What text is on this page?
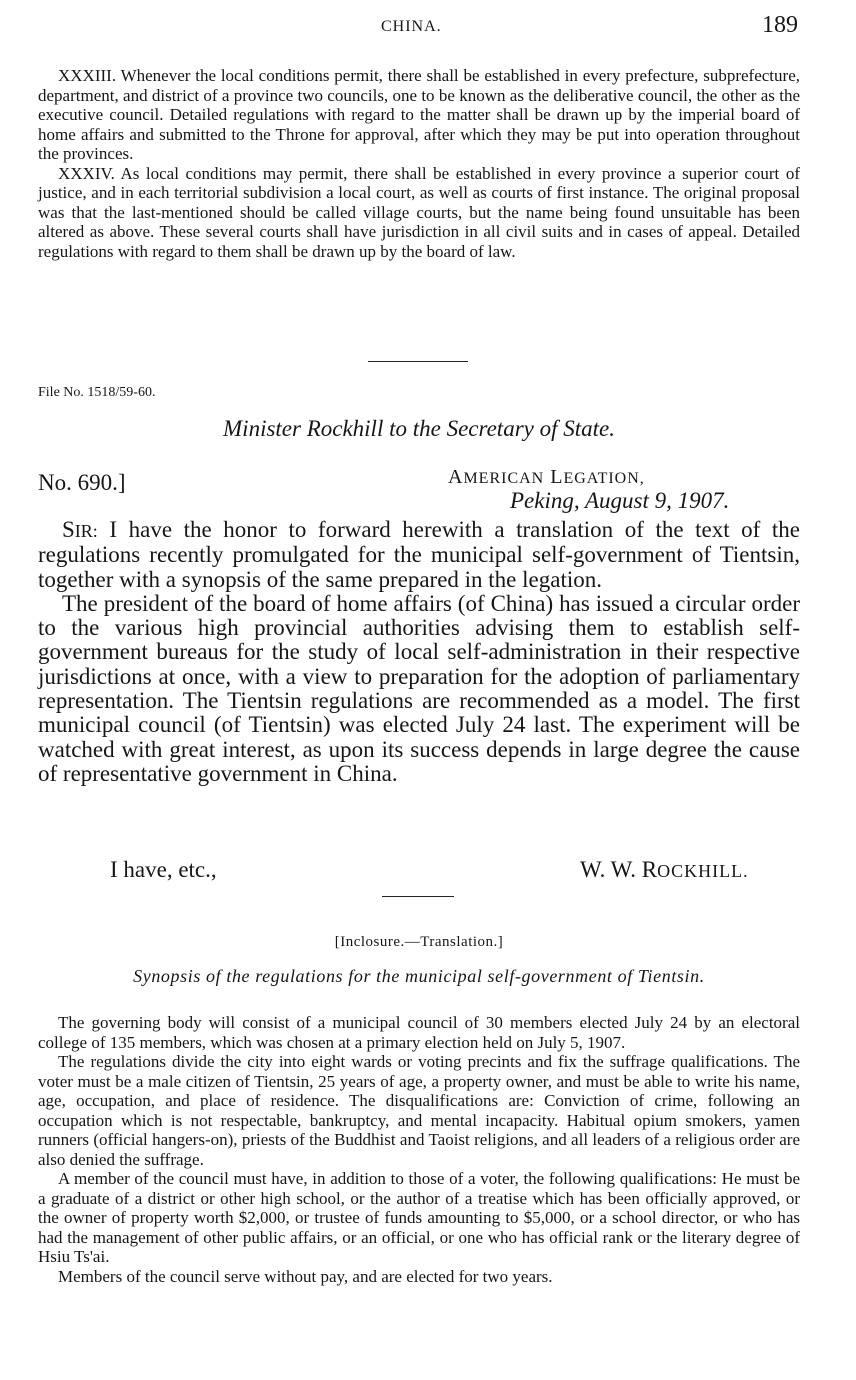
CHINA.	189

XXXIII. Whenever the local conditions permit, there shall be established in every prefecture, subprefecture, department, and district of a province two councils, one to be known as the deliberative council, the other as the executive council. Detailed regulations with regard to the matter shall be drawn up by the imperial board of home affairs and submitted to the Throne for approval, after which they may be put into operation throughout the provinces.

XXXIV. As local conditions may permit, there shall be established in every province a superior court of justice, and in each territorial subdivision a local court, as well as courts of first instance. The original proposal was that the last-mentioned should be called village courts, but the name being found unsuitable has been altered as above. These several courts shall have jurisdiction in all civil suits and in cases of appeal. Detailed regulations with regard to them shall be drawn up by the board of law.

File No. 1518/59-60.
Minister Rockhill to the Secretary of State.
No. 690.]	AMERICAN LEGATION,
Peking, August 9, 1907.

SIR: I have the honor to forward herewith a translation of the text of the regulations recently promulgated for the municipal self-government of Tientsin, together with a synopsis of the same prepared in the legation.

The president of the board of home affairs (of China) has issued a circular order to the various high provincial authorities advising them to establish self-government bureaus for the study of local self-administration in their respective jurisdictions at once, with a view to preparation for the adoption of parliamentary representation. The Tientsin regulations are recommended as a model. The first municipal council (of Tientsin) was elected July 24 last. The experiment will be watched with great interest, as upon its success depends in large degree the cause of representative government in China.

I have, etc.,	W. W. ROCKHILL.
[Inclosure.—Translation.]
Synopsis of the regulations for the municipal self-government of Tientsin.

The governing body will consist of a municipal council of 30 members elected July 24 by an electoral college of 135 members, which was chosen at a primary election held on July 5, 1907.

The regulations divide the city into eight wards or voting precints and fix the suffrage qualifications. The voter must be a male citizen of Tientsin, 25 years of age, a property owner, and must be able to write his name, age, occupation, and place of residence. The disqualifications are: Conviction of crime, following an occupation which is not respectable, bankruptcy, and mental incapacity. Habitual opium smokers, yamen runners (official hangers-on), priests of the Buddhist and Taoist religions, and all leaders of a religious order are also denied the suffrage.

A member of the council must have, in addition to those of a voter, the following qualifications: He must be a graduate of a district or other high school, or the author of a treatise which has been officially approved, or the owner of property worth $2,000, or trustee of funds amounting to $5,000, or a school director, or who has had the management of other public affairs, or an official, or one who has official rank or the literary degree of Hsiu Ts'ai.

Members of the council serve without pay, and are elected for two years.
